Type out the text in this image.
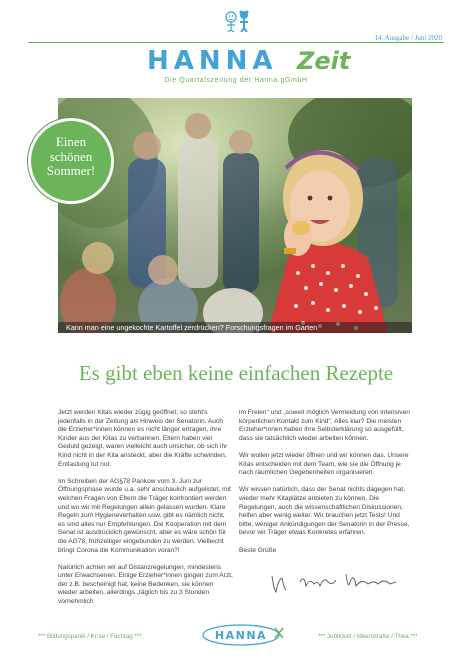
14. Ausgabe / Juni 2020
HANNA Zeit
Die Quartalszeitung der Hanna gGmbH
Kann man eine ungekochte Kartoffel zerdrücken? Forschungsfragen im Garten
Einen
schönen
Sommer!
Es gibt eben keine einfachen Rezepte

Jetzt werden Kitas wieder zügig geöffnet, so steht's jedenfalls in der Zeitung als Hinweis der Senatorin. Auch die Erzieher*innen können es nicht länger ertragen, ihre Kinder aus der Kitas zu verbannen. Eltern haben viel Geduld gezeigt, waren vielleicht auch unsicher, ob sich ihr Kind nicht in der Kita ansteckt, aber die Kräfte schwinden, Entlastung tut not.

Im Schreiben der AG§78 Pankow vom 3. Juni zur Öffnungsphase wurde u.a. sehr anschaulich aufgelistet, mit welchen Fragen von Eltern die Träger konfrontiert werden und wo wir mit Regelungen allein gelassen wurden. Klare Regeln zum Hygieneverhalten usw. gibt es nämlich nicht, es sind alles nur Empfehlungen. Die Kooperation mit dem Senat ist ausdrücklich gewünscht, aber es wäre schön für die AG78, frühzeitiger eingebunden zu werden. Vielleicht bringt Corona die Kommunikation voran?!

Natürlich achten wir auf Distanzregelungen, mindestens unter Erwachsenen. Einige Erzieher*innen gingen zum Arzt, der z.B. bescheinigt hat, keine Bedenken, sie können wieder arbeiten, allerdings „täglich bis zu 3 Stunden vornehmlich

im Freien" und „soweit möglich Vermeidung von intensiven körperlichen Kontakt zum Kind". Alles klar? Die meisten Erzieher*innen haben ihre Selbsterklärung so ausgefüllt, dass sie tatsächlich wieder arbeiten können.

Wir wollen jetzt wieder öffnen und wir können das. Unsere Kitas entscheiden mit dem Team, wie sie die Öffnung je nach räumlichen Gegebenheiten organisieren.

Wir wissen natürlich, dass der Senat nichts dagegen hat, wieder mehr Kitaplätze anbieten zu können. Die Regelungen, auch die wissenschaftlichen Diskussionen, helfen aber wenig weiter. Wir brauchen jetzt Tests! Und bitte, weniger Ankündigungen der Senatorin in der Presse, bevor wir Träger etwas Konkretes erfahren.

Beste Grüße

*** Bildungspanik / Kr:se / Fachtag ***	HANNA	*** Jobticket / Ideenstraße / Thea ***
